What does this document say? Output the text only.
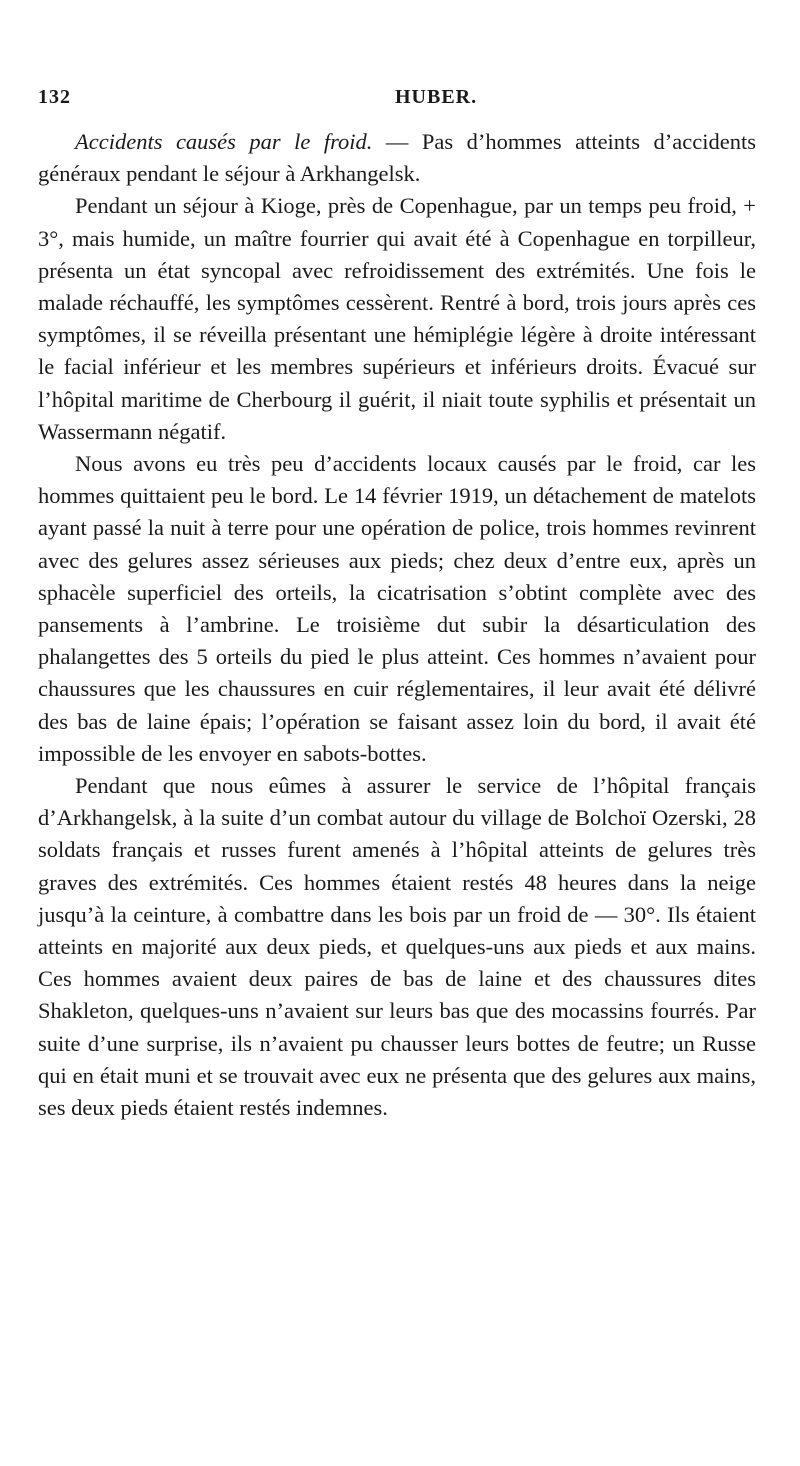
132	HUBER.

Accidents causés par le froid. — Pas d’hommes atteints d’accidents généraux pendant le séjour à Arkhangelsk.

Pendant un séjour à Kioge, près de Copenhague, par un temps peu froid, + 3°, mais humide, un maître fourrier qui avait été à Copenhague en torpilleur, présenta un état syncopal avec refroidissement des extrémités. Une fois le malade réchauffé, les symptômes cessèrent. Rentré à bord, trois jours après ces symptômes, il se réveilla présentant une hémiplégie légère à droite intéressant le facial inférieur et les membres supérieurs et inférieurs droits. Évacué sur l’hôpital maritime de Cherbourg il guérit, il niait toute syphilis et présentait un Wassermann négatif.

Nous avons eu très peu d’accidents locaux causés par le froid, car les hommes quittaient peu le bord. Le 14 février 1919, un détachement de matelots ayant passé la nuit à terre pour une opération de police, trois hommes revinrent avec des gelures assez sérieuses aux pieds; chez deux d’entre eux, après un sphacèle superficiel des orteils, la cicatrisation s’obtint complète avec des pansements à l’ambrine. Le troisième dut subir la désarticulation des phalangettes des 5 orteils du pied le plus atteint. Ces hommes n’avaient pour chaussures que les chaussures en cuir réglementaires, il leur avait été délivré des bas de laine épais; l’opération se faisant assez loin du bord, il avait été impossible de les envoyer en sabots-bottes.

Pendant que nous eûmes à assurer le service de l’hôpital français d’Arkhangelsk, à la suite d’un combat autour du village de Bolchoï Ozerski, 28 soldats français et russes furent amenés à l’hôpital atteints de gelures très graves des extrémités. Ces hommes étaient restés 48 heures dans la neige jusqu’à la ceinture, à combattre dans les bois par un froid de — 30°. Ils étaient atteints en majorité aux deux pieds, et quelques-uns aux pieds et aux mains. Ces hommes avaient deux paires de bas de laine et des chaussures dites Shakleton, quelques-uns n’avaient sur leurs bas que des mocassins fourrés. Par suite d’une surprise, ils n’avaient pu chausser leurs bottes de feutre; un Russe qui en était muni et se trouvait avec eux ne présenta que des gelures aux mains, ses deux pieds étaient restés indemnes.
